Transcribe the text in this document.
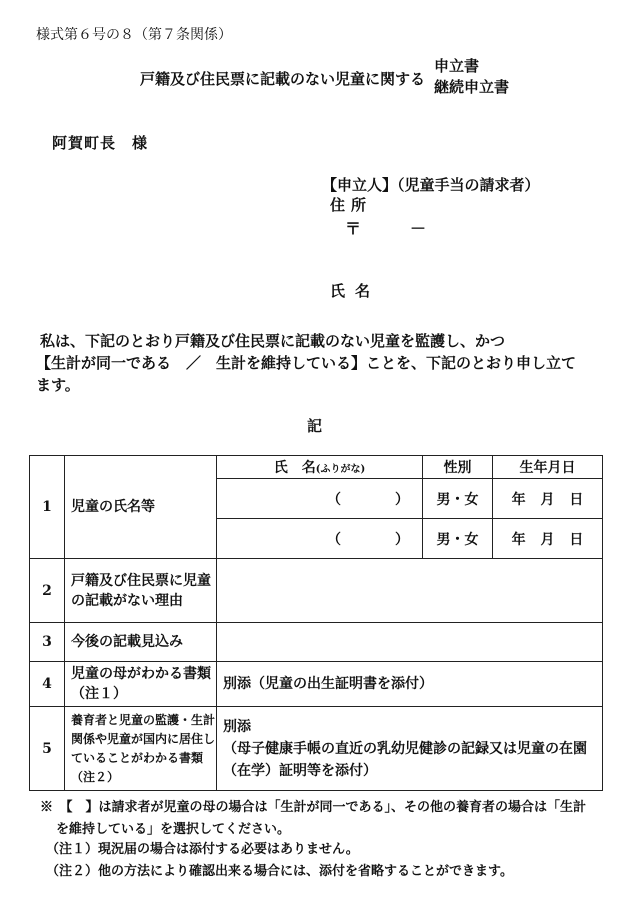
様式第６号の８（第７条関係）
戸籍及び住民票に記載のない児童に関する
申立書
継続申立書
阿賀町長　様
【申立人】（児童手当の請求者）
住所
〒	－
氏名
私は、下記のとおり戸籍及び住民票に記載のない児童を監護し、かつ
【生計が同一である　／　生計を維持している】ことを、下記のとおり申し立て
ます。
記
1	児童の氏名等	氏　名(ふりがな)	性別	生年月日

		（ ）	男・女	年 月 日

		（ ）	男・女	年 月 日
2	戸籍及び住民票に児童の記載がない理由			
3	今後の記載見込み			
4	児童の母がわかる書類（注１）	別添（児童の出生証明書を添付）		
5	養育者と児童の監護・生計関係や児童が国内に居住していることがわかる書類（注２）	別添
（母子健康手帳の直近の乳幼児健診の記録又は児童の在園（在学）証明等を添付）		
※　【　】は請求者が児童の母の場合は「生計が同一である」、その他の養育者の場合は「生計
を維持している」を選択してください。
（注１）現況届の場合は添付する必要はありません。
（注２）他の方法により確認出来る場合には、添付を省略することができます。
